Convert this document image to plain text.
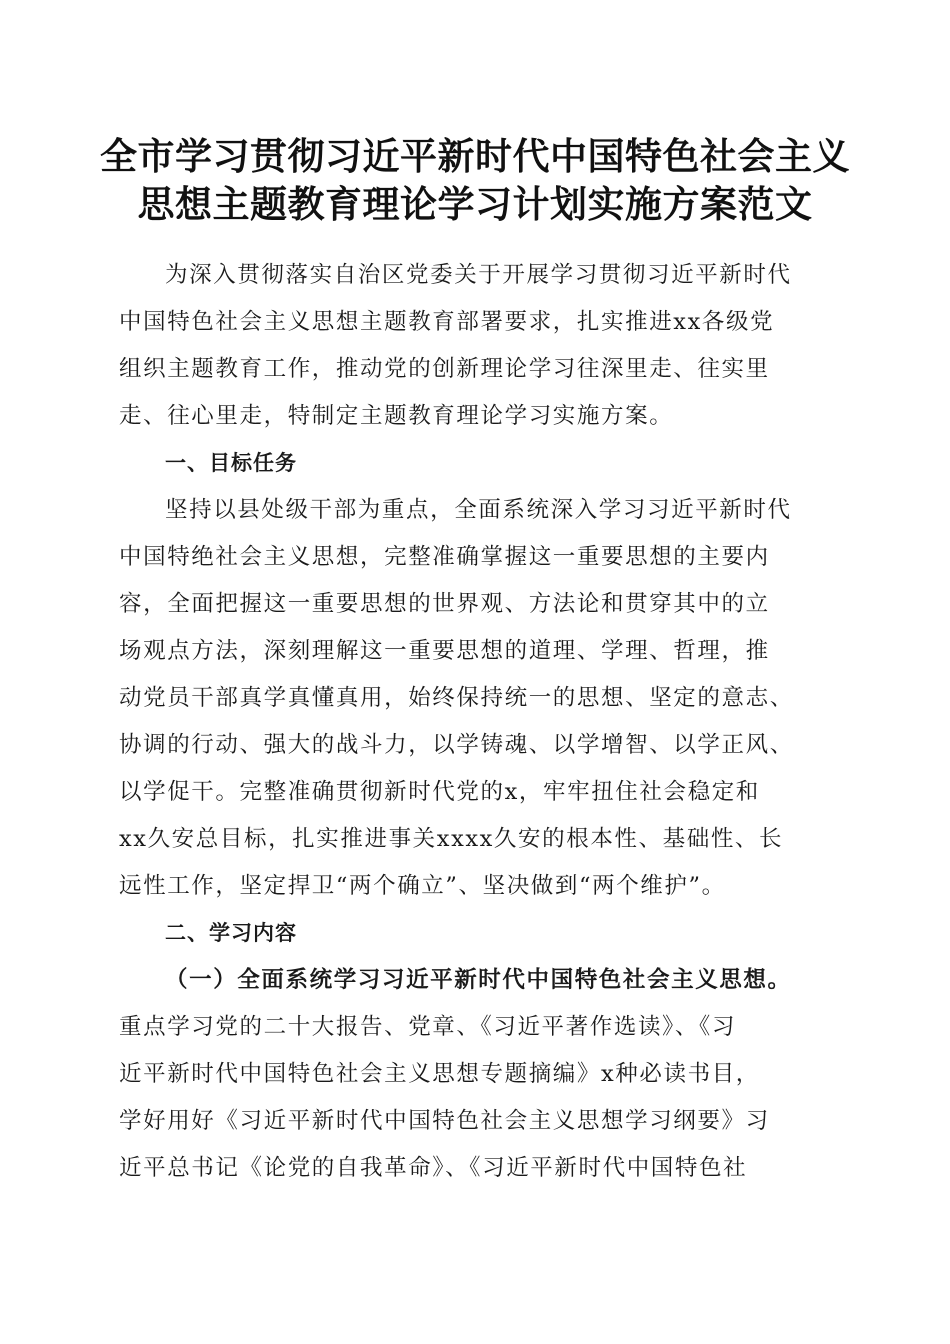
全市学习贯彻习近平新时代中国特色社会主义
思想主题教育理论学习计划实施方案范文
为深入贯彻落实自治区党委关于开展学习贯彻习近平新时代
中国特色社会主义思想主题教育部署要求，扎实推进xx各级党
组织主题教育工作，推动党的创新理论学习往深里走、往实里
走、往心里走，特制定主题教育理论学习实施方案。
一、目标任务
坚持以县处级干部为重点，全面系统深入学习习近平新时代
中国特绝社会主义思想，完整准确掌握这一重要思想的主要内
容，全面把握这一重要思想的世界观、方法论和贯穿其中的立
场观点方法，深刻理解这一重要思想的道理、学理、哲理，推
动党员干部真学真懂真用，始终保持统一的思想、坚定的意志、
协调的行动、强大的战斗力，以学铸魂、以学增智、以学正风、
以学促干。完整准确贯彻新时代党的x，牢牢扭住社会稳定和
xx久安总目标，扎实推进事关xxxx久安的根本性、基础性、长
远性工作，坚定捍卫“两个确立”、坚决做到“两个维护”。
二、学习内容
（一）全面系统学习习近平新时代中国特色社会主义思想。
重点学习党的二十大报告、党章、《习近平著作选读》、《习
近平新时代中国特色社会主义思想专题摘编》x种必读书目，
学好用好《习近平新时代中国特色社会主义思想学习纲要》习
近平总书记《论党的自我革命》、《习近平新时代中国特色社
